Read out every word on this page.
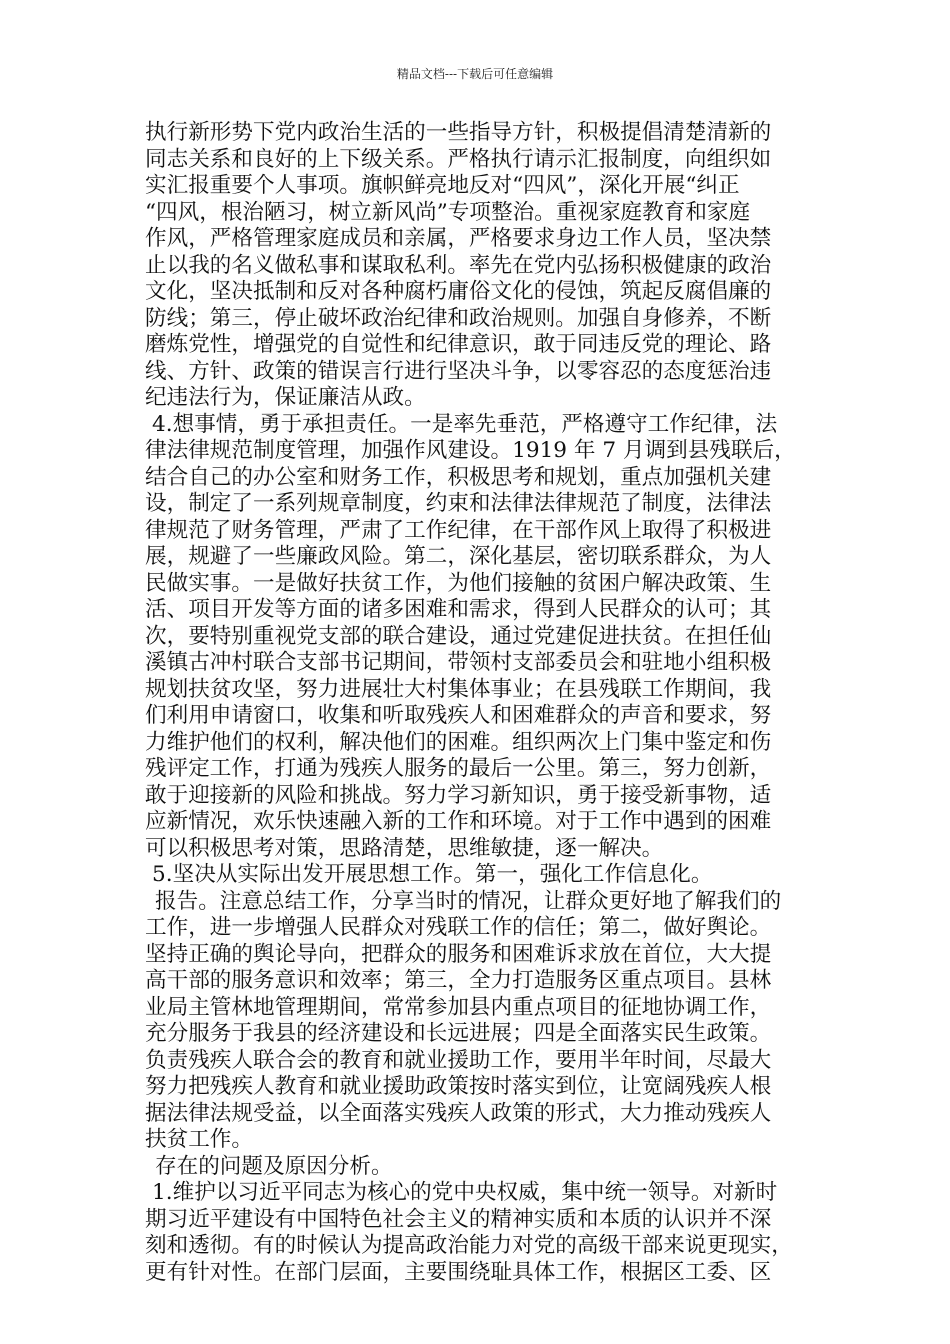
精品文档---下载后可任意编辑
执行新形势下党内政治生活的一些指导方针，积极提倡清楚清新的
同志关系和良好的上下级关系。严格执行请示汇报制度，向组织如
实汇报重要个人事项。旗帜鲜亮地反对“四风”，深化开展“纠正
“四风，根治陋习，树立新风尚”专项整治。重视家庭教育和家庭
作风，严格管理家庭成员和亲属，严格要求身边工作人员，坚决禁
止以我的名义做私事和谋取私利。率先在党内弘扬积极健康的政治
文化，坚决抵制和反对各种腐朽庸俗文化的侵蚀，筑起反腐倡廉的
防线；第三，停止破坏政治纪律和政治规则。加强自身修养，不断
磨炼党性，增强党的自觉性和纪律意识，敢于同违反党的理论、路
线、方针、政策的错误言行进行坚决斗争，以零容忍的态度惩治违
纪违法行为，保证廉洁从政。
4.想事情，勇于承担责任。一是率先垂范，严格遵守工作纪律，法
律法律规范制度管理，加强作风建设。1919 年 7 月调到县残联后，
结合自己的办公室和财务工作，积极思考和规划，重点加强机关建
设，制定了一系列规章制度，约束和法律法律规范了制度，法律法
律规范了财务管理，严肃了工作纪律，在干部作风上取得了积极进
展，规避了一些廉政风险。第二，深化基层，密切联系群众，为人
民做实事。一是做好扶贫工作，为他们接触的贫困户解决政策、生
活、项目开发等方面的诸多困难和需求，得到人民群众的认可；其
次，要特别重视党支部的联合建设，通过党建促进扶贫。在担任仙
溪镇古冲村联合支部书记期间，带领村支部委员会和驻地小组积极
规划扶贫攻坚，努力进展壮大村集体事业；在县残联工作期间，我
们利用申请窗口，收集和听取残疾人和困难群众的声音和要求，努
力维护他们的权利，解决他们的困难。组织两次上门集中鉴定和伤
残评定工作，打通为残疾人服务的最后一公里。第三，努力创新，
敢于迎接新的风险和挑战。努力学习新知识，勇于接受新事物，适
应新情况，欢乐快速融入新的工作和环境。对于工作中遇到的困难
可以积极思考对策，思路清楚，思维敏捷，逐一解决。
5.坚决从实际出发开展思想工作。第一，强化工作信息化。
报告。注意总结工作，分享当时的情况，让群众更好地了解我们的
工作，进一步增强人民群众对残联工作的信任；第二，做好舆论。
坚持正确的舆论导向，把群众的服务和困难诉求放在首位，大大提
高干部的服务意识和效率；第三，全力打造服务区重点项目。县林
业局主管林地管理期间，常常参加县内重点项目的征地协调工作，
充分服务于我县的经济建设和长远进展；四是全面落实民生政策。
负责残疾人联合会的教育和就业援助工作，要用半年时间，尽最大
努力把残疾人教育和就业援助政策按时落实到位，让宽阔残疾人根
据法律法规受益，以全面落实残疾人政策的形式，大力推动残疾人
扶贫工作。
存在的问题及原因分析。
1.维护以习近平同志为核心的党中央权威，集中统一领导。对新时
期习近平建设有中国特色社会主义的精神实质和本质的认识并不深
刻和透彻。有的时候认为提高政治能力对党的高级干部来说更现实，
更有针对性。在部门层面，主要围绕耻具体工作，根据区工委、区
